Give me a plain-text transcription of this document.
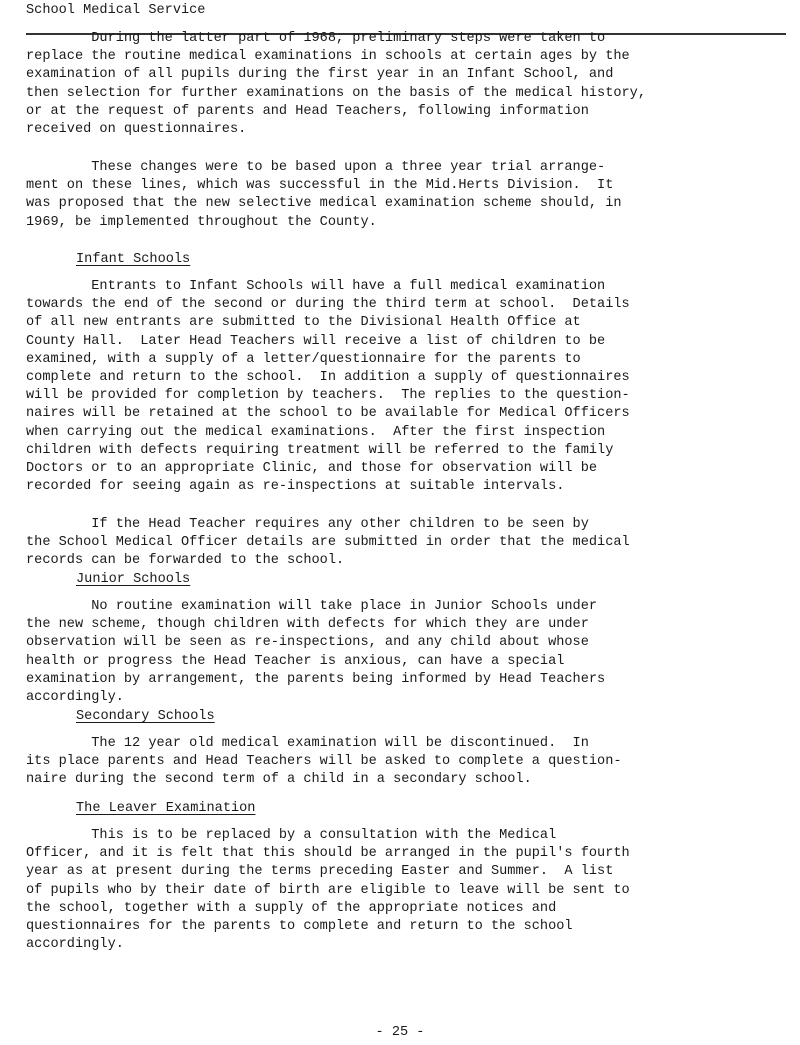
School Medical Service
During the latter part of 1968, preliminary steps were taken to
replace the routine medical examinations in schools at certain ages by the
examination of all pupils during the first year in an Infant School, and
then selection for further examinations on the basis of the medical history,
or at the request of parents and Head Teachers, following information
received on questionnaires.
These changes were to be based upon a three year trial arrange-
ment on these lines, which was successful in the Mid.Herts Division.  It
was proposed that the new selective medical examination scheme should, in
1969, be implemented throughout the County.
Infant Schools
Entrants to Infant Schools will have a full medical examination
towards the end of the second or during the third term at school.  Details
of all new entrants are submitted to the Divisional Health Office at
County Hall.  Later Head Teachers will receive a list of children to be
examined, with a supply of a letter/questionnaire for the parents to
complete and return to the school.  In addition a supply of questionnaires
will be provided for completion by teachers.  The replies to the question-
naires will be retained at the school to be available for Medical Officers
when carrying out the medical examinations.  After the first inspection
children with defects requiring treatment will be referred to the family
Doctors or to an appropriate Clinic, and those for observation will be
recorded for seeing again as re-inspections at suitable intervals.
If the Head Teacher requires any other children to be seen by
the School Medical Officer details are submitted in order that the medical
records can be forwarded to the school.
Junior Schools
No routine examination will take place in Junior Schools under
the new scheme, though children with defects for which they are under
observation will be seen as re-inspections, and any child about whose
health or progress the Head Teacher is anxious, can have a special
examination by arrangement, the parents being informed by Head Teachers
accordingly.
Secondary Schools
The 12 year old medical examination will be discontinued.  In
its place parents and Head Teachers will be asked to complete a question-
naire during the second term of a child in a secondary school.
The Leaver Examination
This is to be replaced by a consultation with the Medical
Officer, and it is felt that this should be arranged in the pupil's fourth
year as at present during the terms preceding Easter and Summer.  A list
of pupils who by their date of birth are eligible to leave will be sent to
the school, together with a supply of the appropriate notices and
questionnaires for the parents to complete and return to the school
accordingly.
- 25 -
